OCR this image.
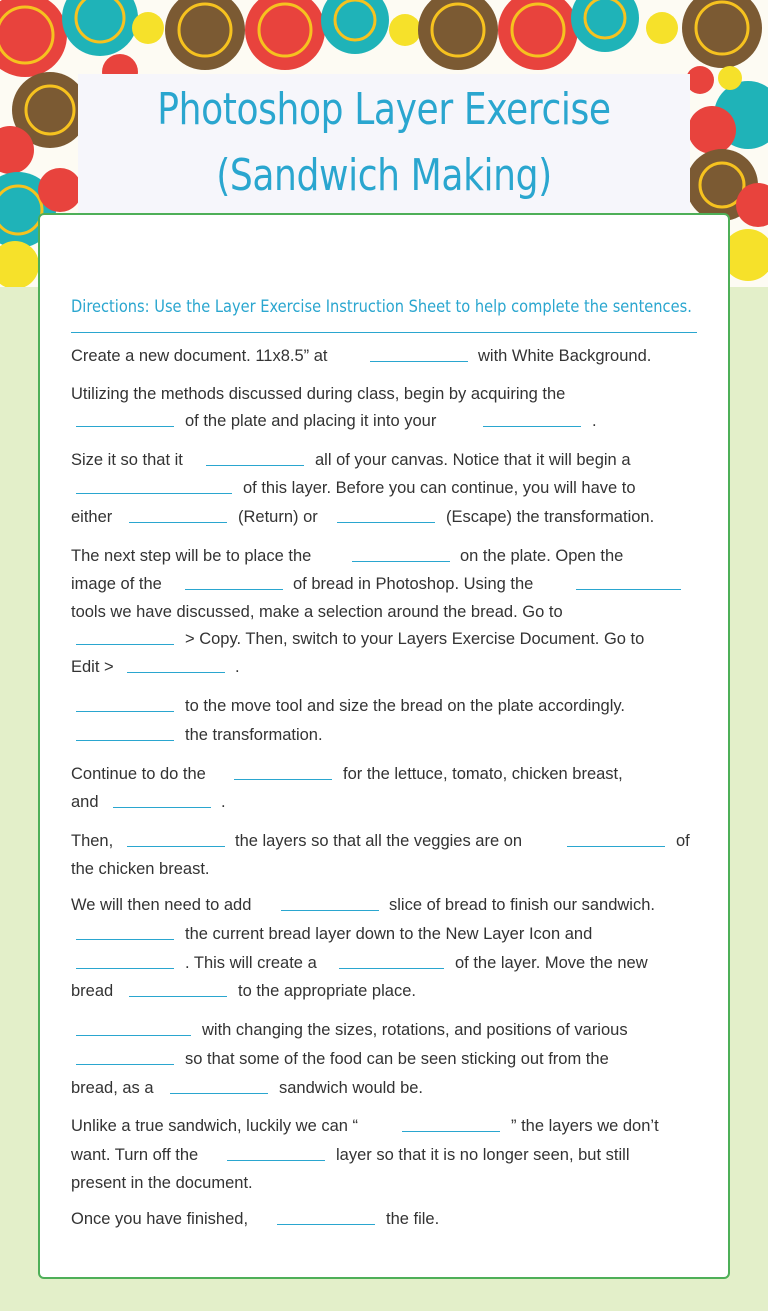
Photoshop Layer Exercise
(Sandwich Making)
Directions: Use the Layer Exercise Instruction Sheet to help complete the sentences.
Create a new document. 11x8.5” at	with White Background.
Utilizing the methods discussed during class, begin by acquiring the
of the plate and placing it into your	.
Size it so that it	all of your canvas. Notice that it will begin a
of this layer. Before you can continue, you will have to
either	(Return) or	(Escape) the transformation.
The next step will be to place the	on the plate. Open the
image of the	of bread in Photoshop. Using the
tools we have discussed, make a selection around the bread. Go to
> Copy. Then, switch to your Layers Exercise Document. Go to
Edit >	.
to the move tool and size the bread on the plate accordingly.
the transformation.
Continue to do the	for the lettuce, tomato, chicken breast,
and	.
Then,	the layers so that all the veggies are on	of
the chicken breast.
We will then need to add	slice of bread to finish our sandwich.
the current bread layer down to the New Layer Icon and
. This will create a	of the layer. Move the new
bread	to the appropriate place.
with changing the sizes, rotations, and positions of various
so that some of the food can be seen sticking out from the
bread, as a	sandwich would be.
Unlike a true sandwich, luckily we can “	” the layers we don’t
want. Turn off the	layer so that it is no longer seen, but still
present in the document.
Once you have finished,	the file.
